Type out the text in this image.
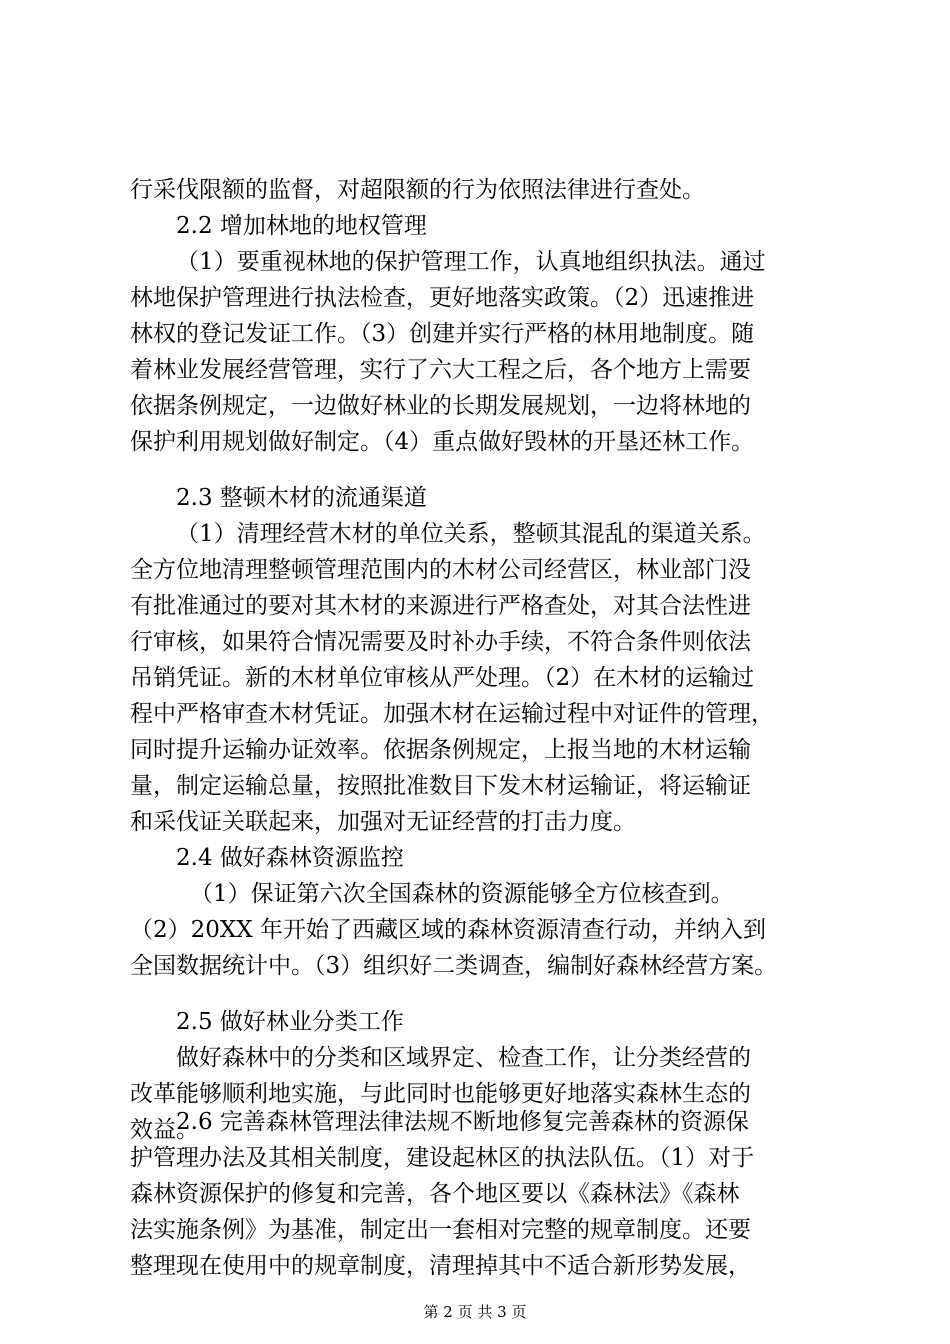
行采伐限额的监督，对超限额的行为依照法律进行查处。
2.2 增加林地的地权管理
（1）要重视林地的保护管理工作，认真地组织执法。通过
林地保护管理进行执法检查，更好地落实政策。（2）迅速推进
林权的登记发证工作。（3）创建并实行严格的林用地制度。随
着林业发展经营管理，实行了六大工程之后，各个地方上需要
依据条例规定，一边做好林业的长期发展规划，一边将林地的
保护利用规划做好制定。（4）重点做好毁林的开垦还林工作。
2.3 整顿木材的流通渠道
（1）清理经营木材的单位关系，整顿其混乱的渠道关系。
全方位地清理整顿管理范围内的木材公司经营区，林业部门没
有批准通过的要对其木材的来源进行严格查处，对其合法性进
行审核，如果符合情况需要及时补办手续，不符合条件则依法
吊销凭证。新的木材单位审核从严处理。（2）在木材的运输过
程中严格审查木材凭证。加强木材在运输过程中对证件的管理，
同时提升运输办证效率。依据条例规定，上报当地的木材运输
量，制定运输总量，按照批准数目下发木材运输证，将运输证
和采伐证关联起来，加强对无证经营的打击力度。
2.4 做好森林资源监控
（1）保证第六次全国森林的资源能够全方位核查到。
（2）20XX 年开始了西藏区域的森林资源清查行动，并纳入到
全国数据统计中。（3）组织好二类调查，编制好森林经营方案。
2.5 做好林业分类工作
做好森林中的分类和区域界定、检查工作，让分类经营的
改革能够顺利地实施，与此同时也能够更好地落实森林生态的
效益。
2.6 完善森林管理法律法规不断地修复完善森林的资源保
护管理办法及其相关制度，建设起林区的执法队伍。（1）对于
森林资源保护的修复和完善，各个地区要以《森林法》《森林
法实施条例》为基准，制定出一套相对完整的规章制度。还要
整理现在使用中的规章制度，清理掉其中不适合新形势发展，
第 2 页 共 3 页
